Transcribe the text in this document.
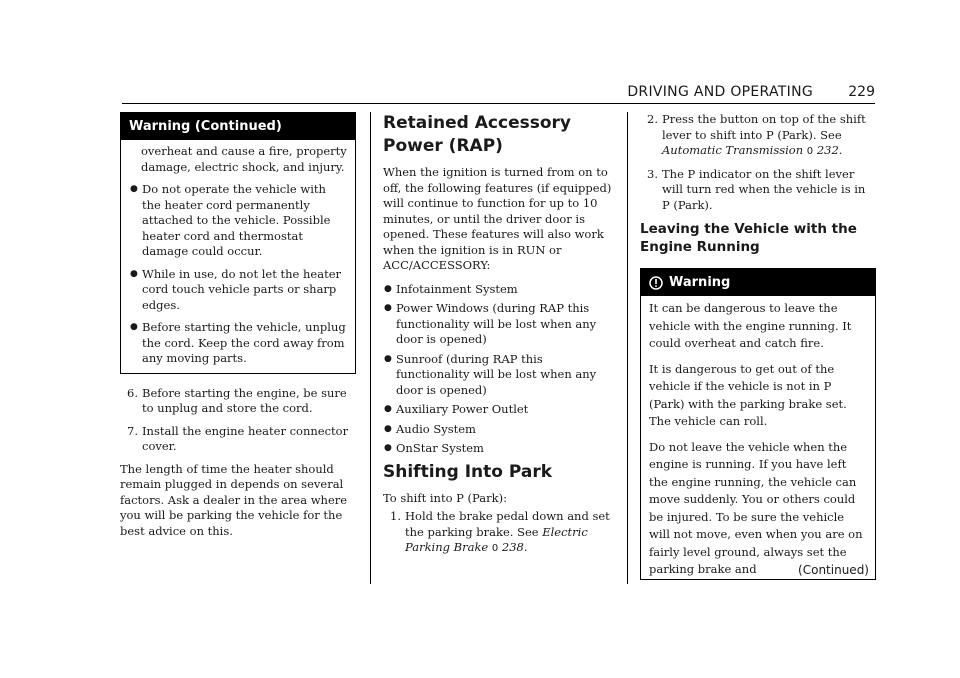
DRIVING AND OPERATING	229
Warning (Continued)
overheat and cause a fire, property damage, electric shock, and injury.
● Do not operate the vehicle with the heater cord permanently attached to the vehicle. Possible heater cord and thermostat damage could occur.
● While in use, do not let the heater cord touch vehicle parts or sharp edges.
● Before starting the vehicle, unplug the cord. Keep the cord away from any moving parts.
6. Before starting the engine, be sure to unplug and store the cord.
7. Install the engine heater connector cover.

The length of time the heater should remain plugged in depends on several factors. Ask a dealer in the area where you will be parking the vehicle for the best advice on this.

Retained Accessory Power (RAP)

When the ignition is turned from on to off, the following features (if equipped) will continue to function for up to 10 minutes, or until the driver door is opened. These features will also work when the ignition is in RUN or ACC/ACCESSORY:

● Infotainment System
● Power Windows (during RAP this functionality will be lost when any door is opened)
● Sunroof (during RAP this functionality will be lost when any door is opened)
● Auxiliary Power Outlet
● Audio System
● OnStar System
Shifting Into Park

To shift into P (Park):

1. Hold the brake pedal down and set the parking brake. See Electric Parking Brake 0 238.
2. Press the button on top of the shift lever to shift into P (Park). See Automatic Transmission 0 232.
3. The P indicator on the shift lever will turn red when the vehicle is in P (Park).
Leaving the Vehicle with the Engine Running
Warning

It can be dangerous to leave the vehicle with the engine running. It could overheat and catch fire.

It is dangerous to get out of the vehicle if the vehicle is not in P (Park) with the parking brake set. The vehicle can roll.

Do not leave the vehicle when the engine is running. If you have left the engine running, the vehicle can move suddenly. You or others could be injured. To be sure the vehicle will not move, even when you are on fairly level ground, always set the parking brake and	(Continued)
